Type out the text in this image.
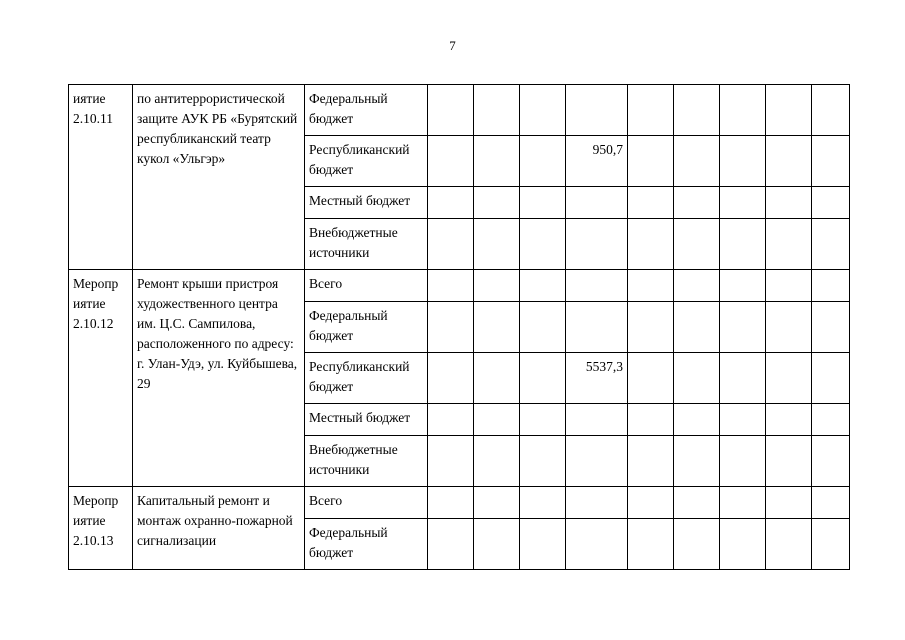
7
иятие
2.10.11	по антитеррористической защите АУК РБ «Бурятский республиканский театр кукол «Ульгэр»	Федеральный бюджет									
		Республиканский бюджет				950,7					
		Местный бюджет									
		Внебюджетные источники									
Меропр
иятие
2.10.12	Ремонт крыши пристроя художественного центра им. Ц.С. Сампилова, расположенного по адресу: г. Улан-Удэ, ул. Куйбышева, 29	Всего									
		Федеральный бюджет									
		Республиканский бюджет				5537,3					
		Местный бюджет									
		Внебюджетные источники									
Меропр
иятие
2.10.13	Капитальный ремонт и монтаж охранно-пожарной сигнализации	Всего									
		Федеральный бюджет									
